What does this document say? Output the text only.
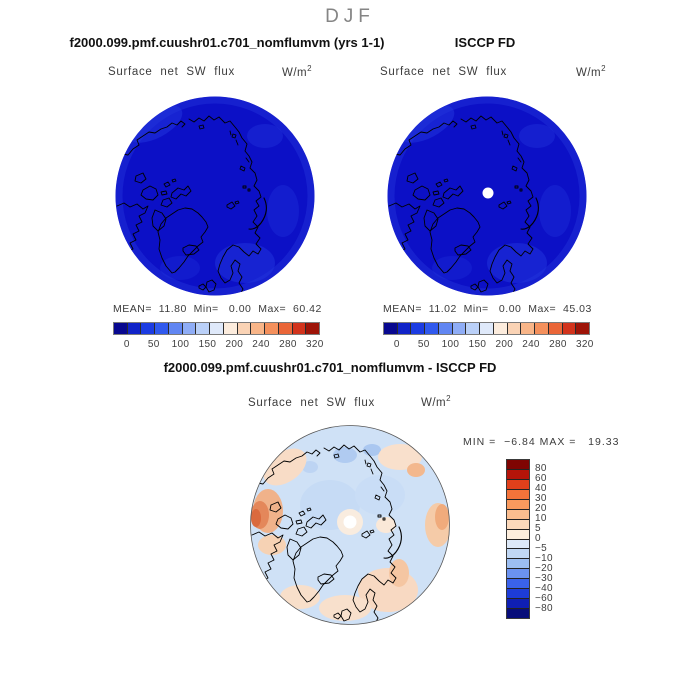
DJF
f2000.099.pmf.cuushr01.c701_nomflumvm (yrs 1-1)	ISCCP FD
Surface net SW flux	$W/m^2$	Surface net SW flux	$W/m^2$
MEAN=  11.80  Min=   0.00  Max=  60.42	MEAN=  11.02  Min=   0.00  Max=  45.03
0 50 100 150 200 240 280 320	0 50 100 150 200 240 280 320
f2000.099.pmf.cuushr01.c701_nomflumvm - ISCCP FD
Surface net SW flux	$W/m^2$
MIN =  −6.84 MAX =   19.33
80
60
40
30
20
10
5
0
−5
−10
−20
−30
−40
−60
−80
